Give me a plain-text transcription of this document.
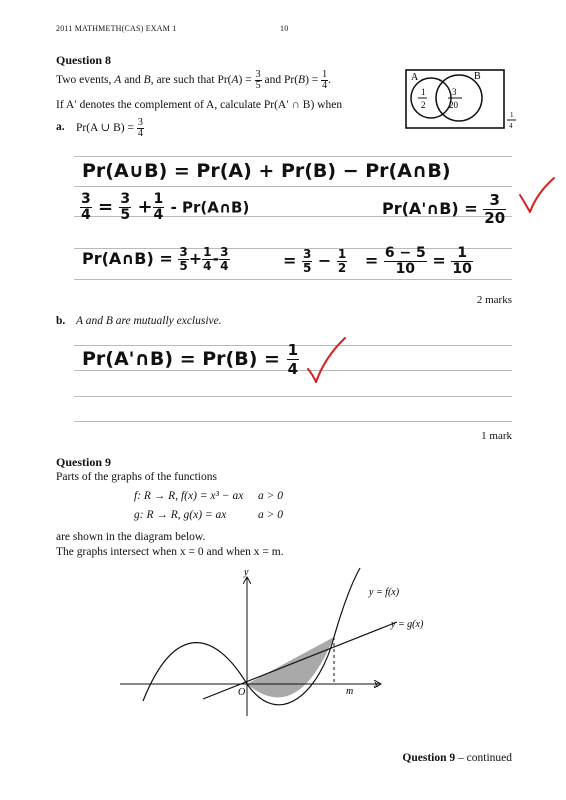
2011 MATHMETH(CAS) EXAM 1	10
Question 8
Two events, A and B, are such that $Pr(A) = \frac{3}{5}$ and $Pr(B) = \frac{1}{4}$ .
If A′ denotes the complement of A, calculate Pr(A′ ∩ B) when
a. Pr(A ∪ $B) = \frac{3}{4}$
A	B
1
2
3
20
1
4
Pr(A∪B) = Pr(A) + Pr(B) − Pr(A∩B)
$\frac{3}{4} = \frac{3}{5} + \frac{1}{4}$ - Pr(A∩B)	Pr(A'∩B) = $\frac{3}{20}$
Pr(A∩B) = $\frac{3}{5} + \frac{1}{4} - \frac{3}{4}$	= $\frac{3}{5} - \frac{1}{2} = \frac{6 - 5}{10} = \frac{1}{10}$
2 marks
b. A and B are mutually exclusive.
Pr(A'∩B) = $Pr(B) = \frac{1}{4}$
1 mark
Question 9
Parts of the graphs of the functions
f: R → R, f(x) = x³ − ax a > 0
g: R → R, g(x) = ax	a > 0
are shown in the diagram below.
The graphs intersect when x = 0 and when x = m.
y
x
O	m
y = f(x)
y = g(x)
Question 9 – continued
